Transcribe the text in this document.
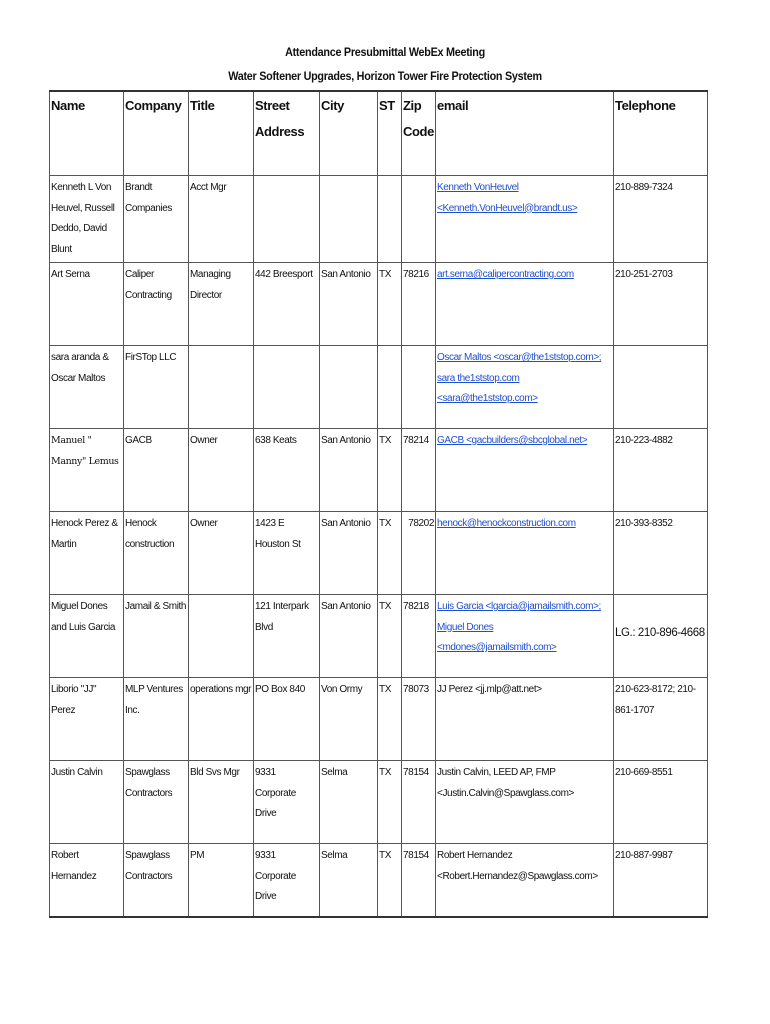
Attendance Presubmittal WebEx Meeting
Water Softener Upgrades, Horizon Tower Fire Protection System
Name	Company	Title	Street Address	City	ST	Zip Code	email	Telephone
Kenneth L Von Heuvel, Russell Deddo, David Blunt	Brandt Companies	Acct Mgr					Kenneth VonHeuvel <Kenneth.VonHeuvel@brandt.us>	210-889-7324
Art Serna	Caliper Contracting	Managing Director	442 Breesport	San Antonio	TX	78216	art.serna@calipercontracting.com	210-251-2703
sara aranda & Oscar Maltos	FirSTop LLC						Oscar Maltos <oscar@the1ststop.com>; sara the1ststop.com <sara@the1ststop.com>	
Manuel " Manny" Lemus	GACB	Owner	638 Keats	San Antonio	TX	78214	GACB <gacbuilders@sbcglobal.net>	210-223-4882
Henock Perez & Martin	Henock construction	Owner	1423 E Houston St	San Antonio	TX	78202	henock@henockconstruction.com	210-393-8352
Miguel Dones and Luis Garcia	Jamail & Smith		121 Interpark Blvd	San Antonio	TX	78218	Luis Garcia <lgarcia@jamailsmith.com>; Miguel Dones <mdones@jamailsmith.com>	LG.: 210-896-4668

Liborio "JJ" Perez	MLP Ventures Inc.	operations mgr	PO Box 840	Von Ormy	TX	78073	JJ Perez <jj.mlp@att.net>	210-623-8172; 210-861-1707
Justin Calvin	Spawglass Contractors	Bld Svs Mgr	9331 Corporate Drive	Selma	TX	78154	Justin Calvin, LEED AP, FMP <Justin.Calvin@Spawglass.com>	210-669-8551
Robert Hernandez	Spawglass Contractors	PM	9331 Corporate Drive	Selma	TX	78154	Robert Hernandez <Robert.Hernandez@Spawglass.com>	210-887-9987
